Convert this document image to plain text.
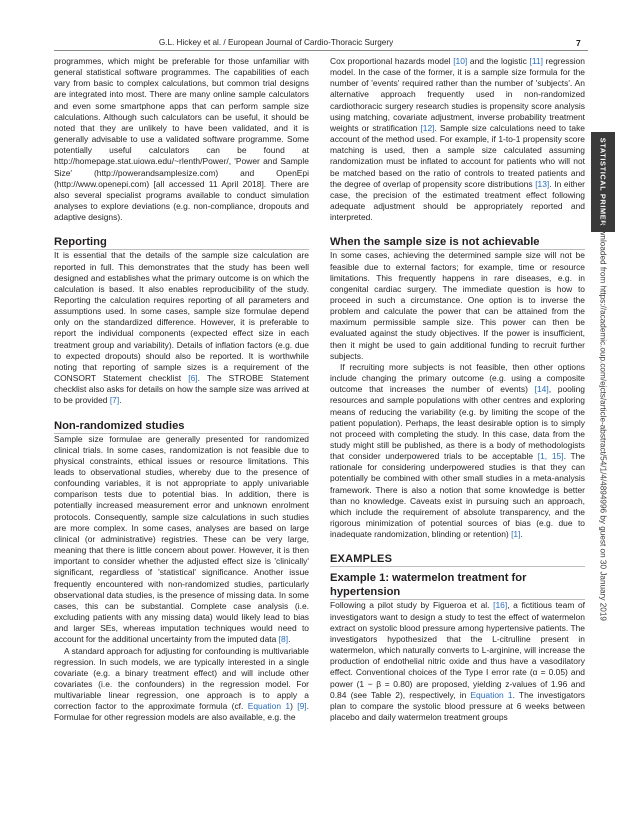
G.L. Hickey et al. / European Journal of Cardio-Thoracic Surgery	7

programmes, which might be preferable for those unfamiliar with general statistical software programmes. The capabilities of each vary from basic to complex calculations, but common trial designs are integrated into most. There are many online sample calculators and even some smartphone apps that can perform sample size calculations. Although such calculators can be useful, it should be noted that they are unlikely to have been validated, and it is generally advisable to use a validated software programme. Some potentially useful calculators can be found at http://homepage.stat.uiowa.edu/~rlenth/Power/, 'Power and Sample Size' (http://powerandsamplesize.com) and OpenEpi (http://www.openepi.com) [all accessed 11 April 2018]. There are also several specialist programs available to conduct simulation analyses to explore deviations (e.g. non-compliance, dropouts and adaptive designs).

Reporting

It is essential that the details of the sample size calculation are reported in full. This demonstrates that the study has been well designed and establishes what the primary outcome is on which the calculation is based. It also enables reproducibility of the study. Reporting the calculation requires reporting of all parameters and assumptions used. In some cases, sample size formulae depend only on the standardized difference. However, it is preferable to report the individual components (expected effect size in each treatment group and variability). Details of inflation factors (e.g. due to expected dropouts) should also be reported. It is worthwhile noting that reporting of sample sizes is a requirement of the CONSORT Statement checklist [6]. The STROBE Statement checklist also asks for details on how the sample size was arrived at to be provided [7].

Non-randomized studies

Sample size formulae are generally presented for randomized clinical trials. In some cases, randomization is not feasible due to physical constraints, ethical issues or resource limitations. This leads to observational studies, whereby due to the presence of confounding variables, it is not appropriate to apply univariable comparison tests due to potential bias. In addition, there is potentially increased measurement error and unknown enrolment protocols. Consequently, sample size calculations in such studies are more complex. In some cases, analyses are based on large clinical (or administrative) registries. These can be very large, meaning that there is little concern about power. However, it is then important to consider whether the adjusted effect size is 'clinically' significant, regardless of 'statistical' significance. Another issue frequently encountered with non-randomized studies, particularly observational data studies, is the presence of missing data. In some cases, this can be substantial. Complete case analysis (i.e. excluding patients with any missing data) would likely lead to bias and larger SEs, whereas imputation techniques would need to account for the additional uncertainty from the imputed data [8].

A standard approach for adjusting for confounding is multivariable regression. In such models, we are typically interested in a single covariate (e.g. a binary treatment effect) and will include other covariates (i.e. the confounders) in the regression model. For multivariable linear regression, one approach is to apply a correction factor to the approximate formula (cf. Equation 1) [9]. Formulae for other regression models are also available, e.g. the

Cox proportional hazards model [10] and the logistic [11] regression model. In the case of the former, it is a sample size formula for the number of 'events' required rather than the number of 'subjects'. An alternative approach frequently used in non-randomized cardiothoracic surgery research studies is propensity score analysis using matching, covariate adjustment, inverse probability treatment weights or stratification [12]. Sample size calculations need to take account of the method used. For example, if 1-to-1 propensity score matching is used, then a sample size calculated assuming randomization must be inflated to account for patients who will not be matched based on the ratio of controls to treated patients and the degree of overlap of propensity score distributions [13]. In either case, the precision of the estimated treatment effect following adequate adjustment should be appropriately reported and interpreted.

When the sample size is not achievable

In some cases, achieving the determined sample size will not be feasible due to external factors; for example, time or resource limitations. This frequently happens in rare diseases, e.g. in congenital cardiac surgery. The immediate question is how to proceed in such a circumstance. One option is to inverse the problem and calculate the power that can be attained from the maximum permissible sample size. This power can then be evaluated against the study objectives. If the power is insufficient, then it might be used to gain additional funding to recruit further subjects.

If recruiting more subjects is not feasible, then other options include changing the primary outcome (e.g. using a composite outcome that increases the number of events) [14], pooling resources and sample populations with other centres and exploring means of reducing the variability (e.g. by limiting the scope of the patient population). Perhaps, the least desirable option is to simply not proceed with completing the study. In this case, data from the study might still be published, as there is a body of methodologists that consider underpowered trials to be acceptable [1, 15]. The rationale for considering underpowered studies is that they can potentially be combined with other small studies in a meta-analysis framework. There is also a notion that some knowledge is better than no knowledge. Caveats exist in pursuing such an approach, which include the requirement of absolute transparency, and the rigorous minimization of potential sources of bias (e.g. due to inadequate randomization, blinding or retention) [1].

EXAMPLES
Example 1: watermelon treatment for hypertension

Following a pilot study by Figueroa et al. [16], a fictitious team of investigators want to design a study to test the effect of watermelon extract on systolic blood pressure among hypertensive patients. The investigators hypothesized that the L-citrulline present in watermelon, which naturally converts to L-arginine, will increase the production of endothelial nitric oxide and thus have a vasodilatory effect. Conventional choices of the Type I error rate (α = 0.05) and power (1 − β = 0.80) are proposed, yielding z-values of 1.96 and 0.84 (see Table 2), respectively, in Equation 1. The investigators plan to compare the systolic blood pressure at 6 weeks between placebo and daily watermelon treatment groups

STATISTICAL PRIMER
Downloaded from https://academic.oup.com/ejcts/article-abstract/54/1/4/4894996 by guest on 30 January 2019
